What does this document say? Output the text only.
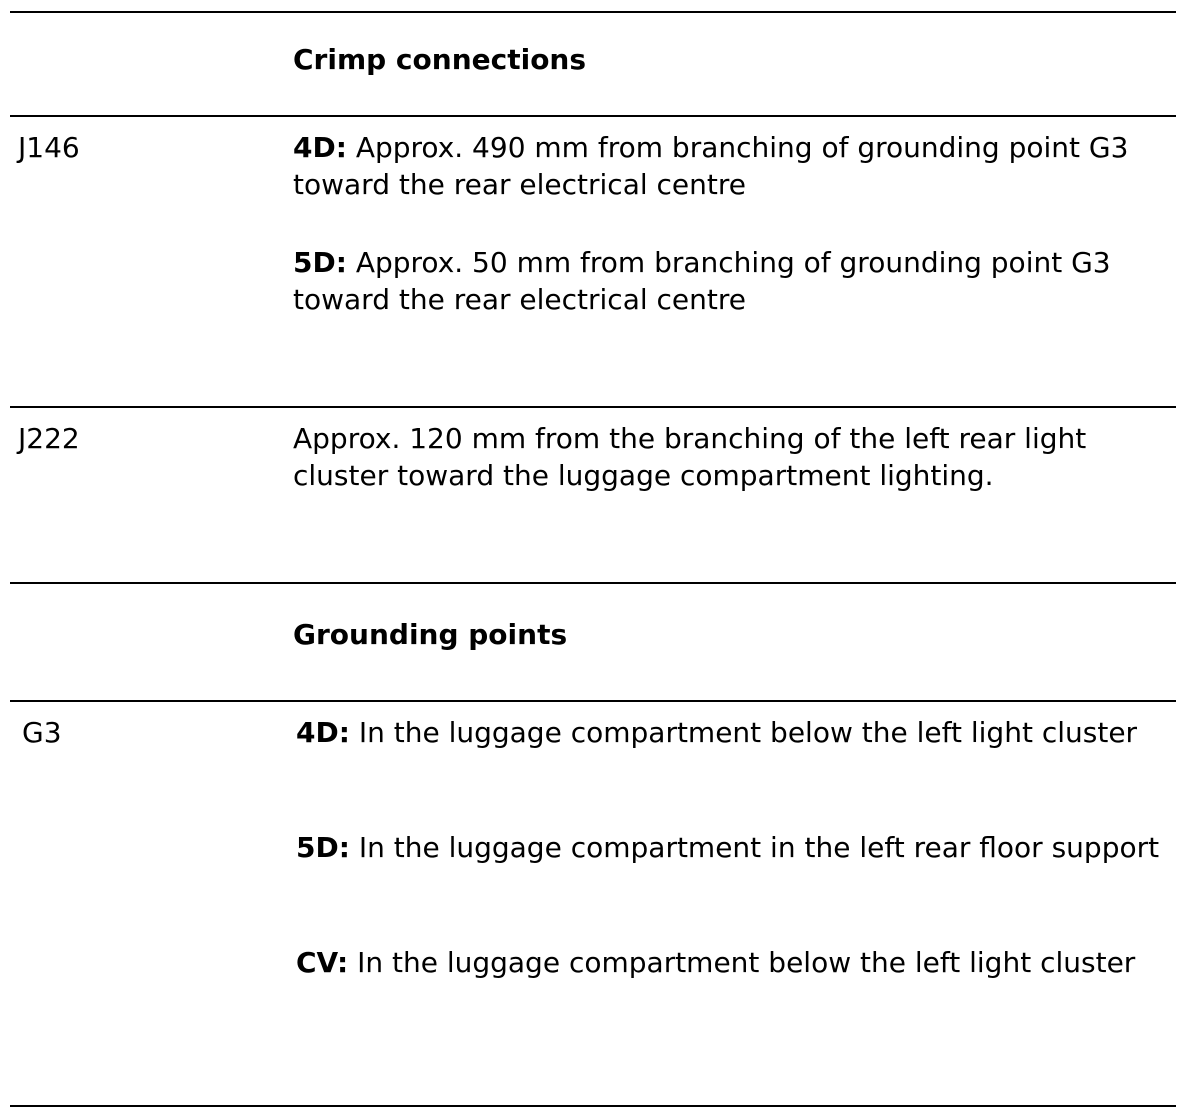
Crimp connections
J146	4D: Approx. 490 mm from branching of grounding point G3 toward the rear electrical centre
5D: Approx. 50 mm from branching of grounding point G3 toward the rear electrical centre
J222	Approx. 120 mm from the branching of the left rear light cluster toward the luggage compartment lighting.
Grounding points
G3	4D: In the luggage compartment below the left light cluster
5D: In the luggage compartment in the left rear floor support
CV: In the luggage compartment below the left light cluster
